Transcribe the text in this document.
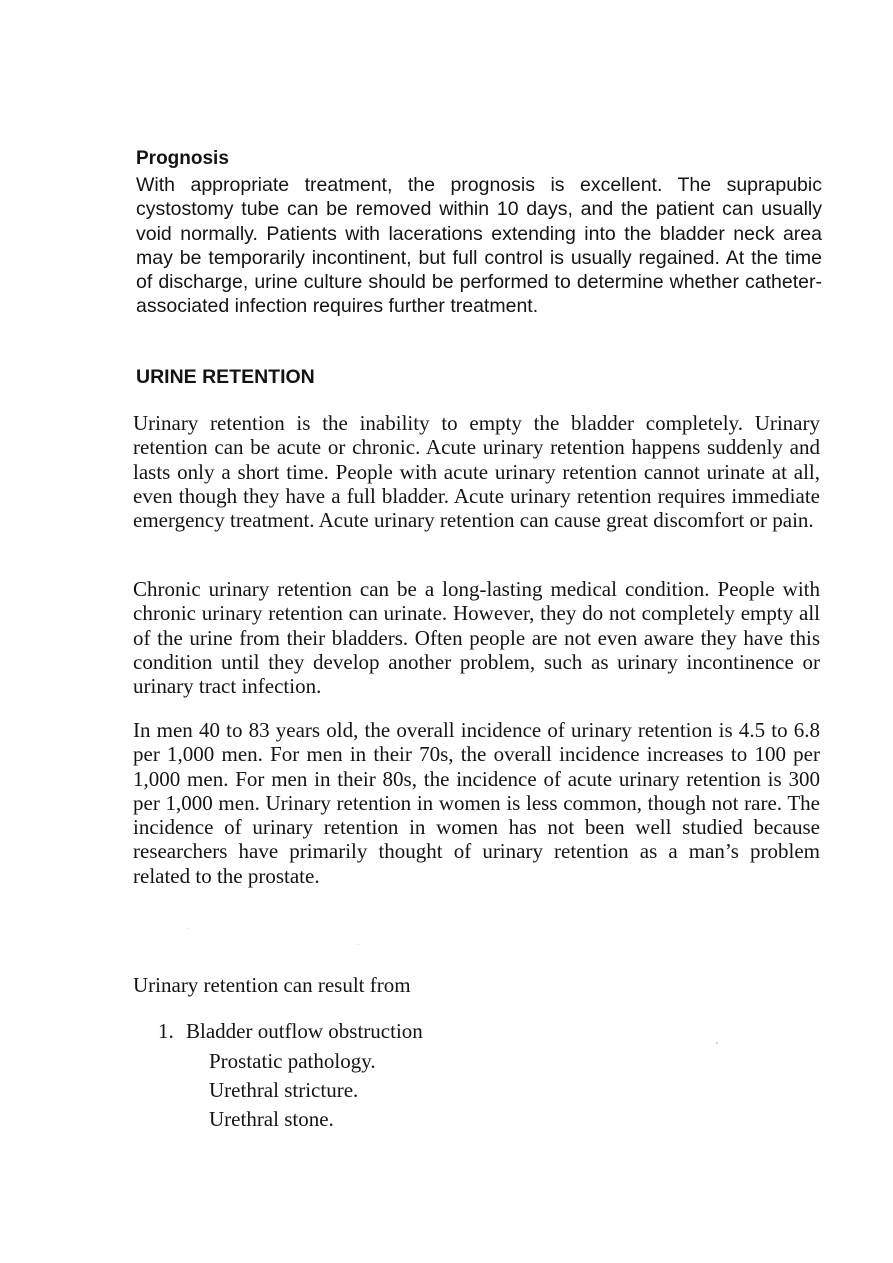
Prognosis

With appropriate treatment, the prognosis is excellent. The suprapubic cystostomy tube can be removed within 10 days, and the patient can usually void normally. Patients with lacerations extending into the bladder neck area may be temporarily incontinent, but full control is usually regained. At the time of discharge, urine culture should be performed to determine whether catheter-associated infection requires further treatment.

URINE RETENTION

Urinary retention is the inability to empty the bladder completely. Urinary retention can be acute or chronic. Acute urinary retention happens suddenly and lasts only a short time. People with acute urinary retention cannot urinate at all, even though they have a full bladder. Acute urinary retention requires immediate emergency treatment. Acute urinary retention can cause great discomfort or pain.

Chronic urinary retention can be a long-lasting medical condition. People with chronic urinary retention can urinate. However, they do not completely empty all of the urine from their bladders. Often people are not even aware they have this condition until they develop another problem, such as urinary incontinence or urinary tract infection.

In men 40 to 83 years old, the overall incidence of urinary retention is 4.5 to 6.8 per 1,000 men. For men in their 70s, the overall incidence increases to 100 per 1,000 men. For men in their 80s, the incidence of acute urinary retention is 300 per 1,000 men. Urinary retention in women is less common, though not rare. The incidence of urinary retention in women has not been well studied because researchers have primarily thought of urinary retention as a man’s problem related to the prostate.

Urinary retention can result from

1. Bladder outflow obstruction

Prostatic pathology.
Urethral stricture.
Urethral stone.
